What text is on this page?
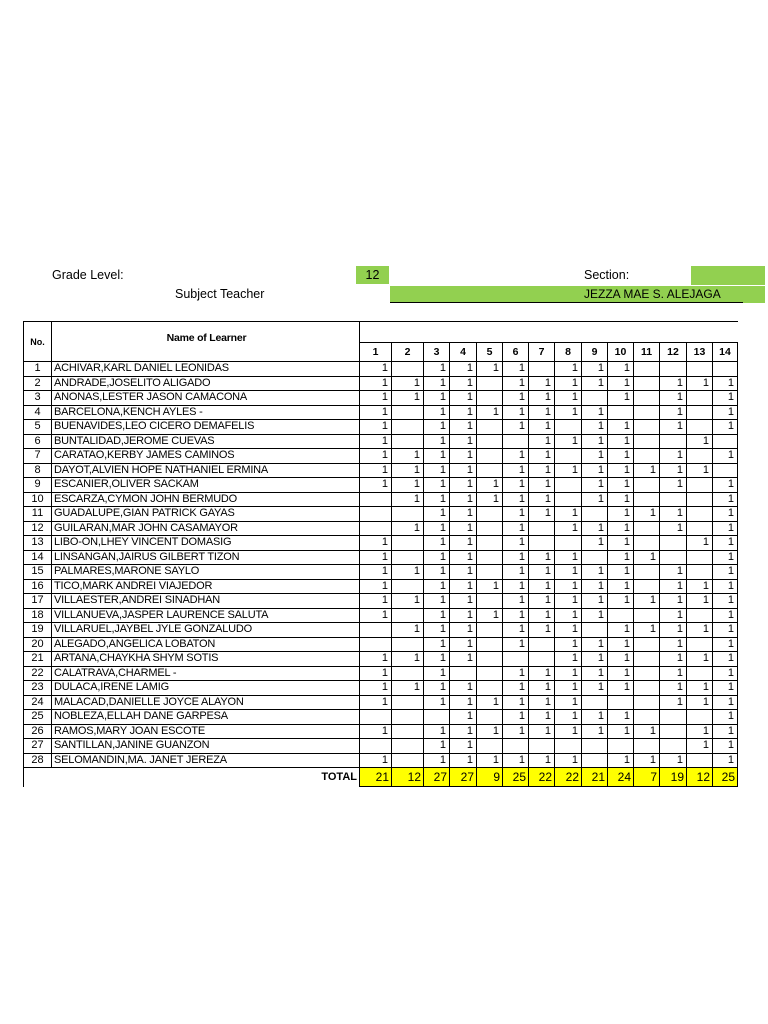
Grade Level:	12	Section:
Subject Teacher	JEZZA MAE S. ALEJAGA
No.	Name of Learner														
		1	2	3	4	5	6	7	8	9	10	11	12	13	14
1	ACHIVAR,KARL DANIEL LEONIDAS	1		1	1	1	1		1	1	1				
2	ANDRADE,JOSELITO ALIGADO	1	1	1	1		1	1	1	1	1		1	1	1
3	ANONAS,LESTER JASON CAMACONA	1	1	1	1		1	1	1		1		1		1
4	BARCELONA,KENCH AYLES -	1		1	1	1	1	1	1	1			1		1
5	BUENAVIDES,LEO CICERO DEMAFELIS	1		1	1		1	1		1	1		1		1
6	BUNTALIDAD,JEROME CUEVAS	1		1	1			1	1	1	1			1	
7	CARATAO,KERBY JAMES CAMINOS	1	1	1	1		1	1		1	1		1		1
8	DAYOT,ALVIEN HOPE NATHANIEL ERMINA	1	1	1	1		1	1	1	1	1	1	1	1	
9	ESCANIER,OLIVER SACKAM	1	1	1	1	1	1	1		1	1		1		1
10	ESCARZA,CYMON JOHN BERMUDO		1	1	1	1	1	1		1	1				1
11	GUADALUPE,GIAN PATRICK GAYAS			1	1		1	1	1		1	1	1		1
12	GUILARAN,MAR JOHN CASAMAYOR		1	1	1		1		1	1	1		1		1
13	LIBO-ON,LHEY VINCENT DOMASIG	1		1	1		1			1	1			1	1
14	LINSANGAN,JAIRUS GILBERT TIZON	1		1	1		1	1	1		1	1			1
15	PALMARES,MARONE SAYLO	1	1	1	1		1	1	1	1	1		1		1
16	TICO,MARK ANDREI VIAJEDOR	1		1	1	1	1	1	1	1	1		1	1	1
17	VILLAESTER,ANDREI SINADHAN	1	1	1	1		1	1	1	1	1	1	1	1	1
18	VILLANUEVA,JASPER LAURENCE SALUTA	1		1	1	1	1	1	1	1			1		1
19	VILLARUEL,JAYBEL JYLE GONZALUDO		1	1	1		1	1	1		1	1	1	1	1
20	ALEGADO,ANGELICA LOBATON			1	1		1		1	1	1		1		1
21	ARTANA,CHAYKHA SHYM SOTIS	1	1	1	1				1	1	1		1	1	1
22	CALATRAVA,CHARMEL -	1		1			1	1	1	1	1		1		1
23	DULACA,IRENE LAMIG	1	1	1	1		1	1	1	1	1		1	1	1
24	MALACAD,DANIELLE JOYCE ALAYON	1		1	1	1	1	1	1				1	1	1
25	NOBLEZA,ELLAH DANE GARPESA				1		1	1	1	1	1				1
26	RAMOS,MARY JOAN ESCOTE	1		1	1	1	1	1	1	1	1	1		1	1
27	SANTILLAN,JANINE GUANZON			1	1									1	1
28	SELOMANDIN,MA. JANET JEREZA	1		1	1	1	1	1	1		1	1	1		1
	TOTAL	21	12	27	27	9	25	22	22	21	24	7	19	12	25
